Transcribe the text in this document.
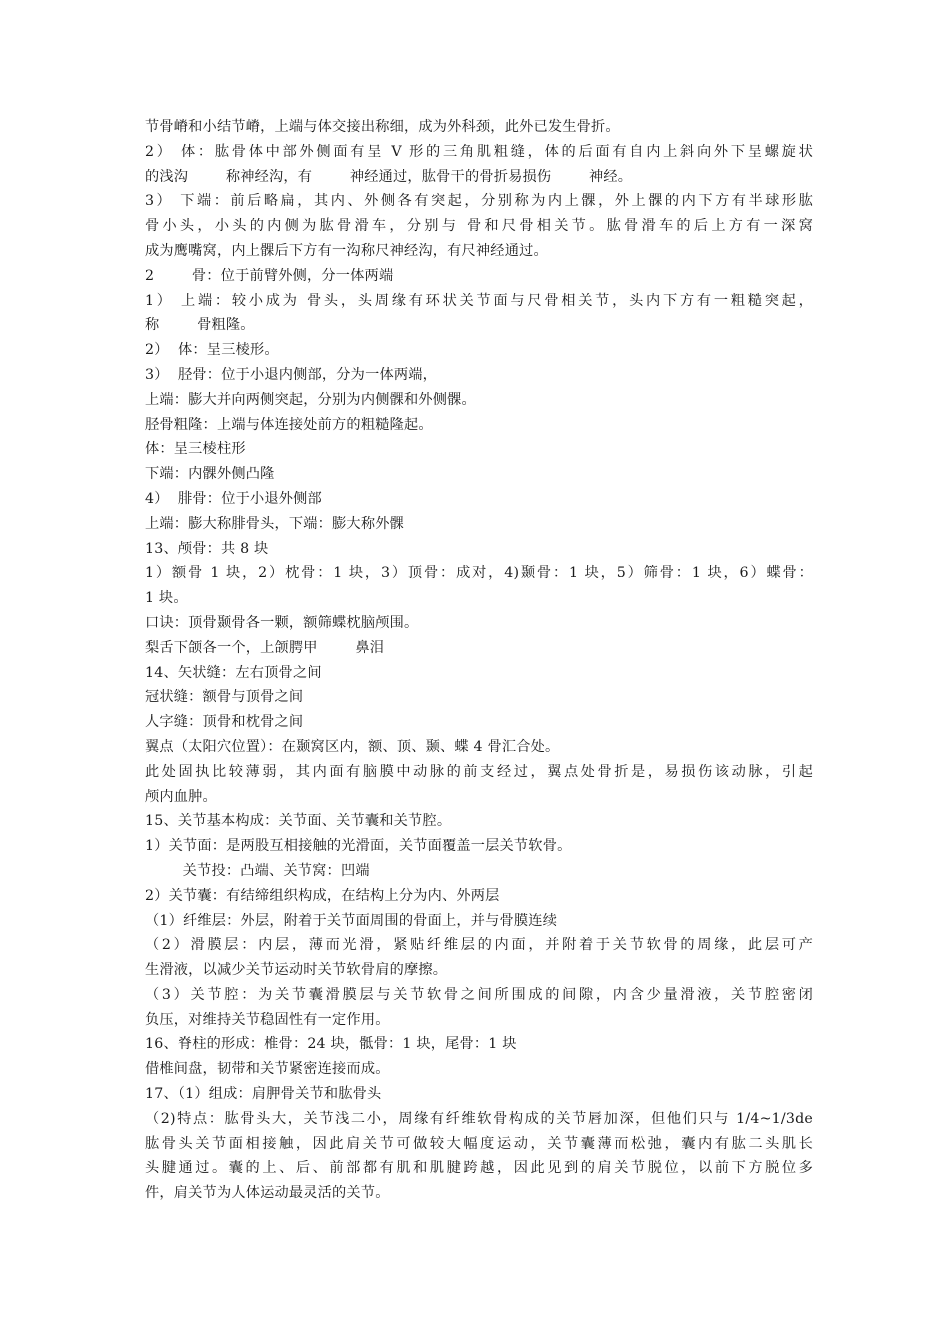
节骨嵴和小结节嵴，上端与体交接出称细，成为外科颈，此外已发生骨折。
2） 体：肱骨体中部外侧面有呈 V 形的三角肌粗缝，体的后面有自内上斜向外下呈螺旋状
的浅沟        称神经沟，有        神经通过，肱骨干的骨折易损伤        神经。
3） 下端：前后略扁，其内、外侧各有突起，分别称为内上髁，外上髁的内下方有半球形肱
骨小头，小头的内侧为肱骨滑车，分别与 骨和尺骨相关节。肱骨滑车的后上方有一深窝
成为鹰嘴窝，内上髁后下方有一沟称尺神经沟，有尺神经通过。
2        骨：位于前臂外侧，分一体两端
1） 上端：较小成为 骨头，头周缘有环状关节面与尺骨相关节，头内下方有一粗糙突起，
称        骨粗隆。
2）  体：呈三棱形。
3）  胫骨：位于小退内侧部，分为一体两端，
上端：膨大并向两侧突起，分别为内侧髁和外侧髁。
胫骨粗隆：上端与体连接处前方的粗糙隆起。
体：呈三棱柱形
下端：内髁外侧凸隆
4）  腓骨：位于小退外侧部
上端：膨大称腓骨头，下端：膨大称外髁
13、颅骨：共 8 块
1）额骨 1 块，2）枕骨：1 块，3）顶骨：成对，4)颞骨：1 块，5）筛骨：1 块，6）蝶骨：
1 块。
口诀：顶骨颞骨各一颗，额筛蝶枕脑颅围。
梨舌下颌各一个，上颌腭甲        鼻泪
14、矢状缝：左右顶骨之间
冠状缝：额骨与顶骨之间
人字缝：顶骨和枕骨之间
翼点（太阳穴位置）：在颞窝区内，额、顶、颞、蝶 4 骨汇合处。
此处固执比较薄弱，其内面有脑膜中动脉的前支经过，翼点处骨折是，易损伤该动脉，引起
颅内血肿。
15、关节基本构成：关节面、关节囊和关节腔。
1）关节面：是两股互相接触的光滑面，关节面覆盖一层关节软骨。
关节投：凸端、关节窝：凹端
2）关节囊：有结缔组织构成，在结构上分为内、外两层
（1）纤维层：外层，附着于关节面周围的骨面上，并与骨膜连续
（2）滑膜层：内层，薄而光滑，紧贴纤维层的内面，并附着于关节软骨的周缘，此层可产
生滑液，以减少关节运动时关节软骨肩的摩擦。
（3）关节腔：为关节囊滑膜层与关节软骨之间所围成的间隙，内含少量滑液，关节腔密闭
负压，对维持关节稳固性有一定作用。
16、脊柱的形成：椎骨：24 块，骶骨：1 块，尾骨：1 块
借椎间盘，韧带和关节紧密连接而成。
17、（1）组成：肩胛骨关节和肱骨头
（2)特点：肱骨头大，关节浅二小，周缘有纤维软骨构成的关节唇加深，但他们只与 1/4~1/3de
肱骨头关节面相接触，因此肩关节可做较大幅度运动，关节囊薄而松弛，囊内有肱二头肌长
头腱通过。囊的上、后、前部都有肌和肌腱跨越，因此见到的肩关节脱位，以前下方脱位多
件，肩关节为人体运动最灵活的关节。
